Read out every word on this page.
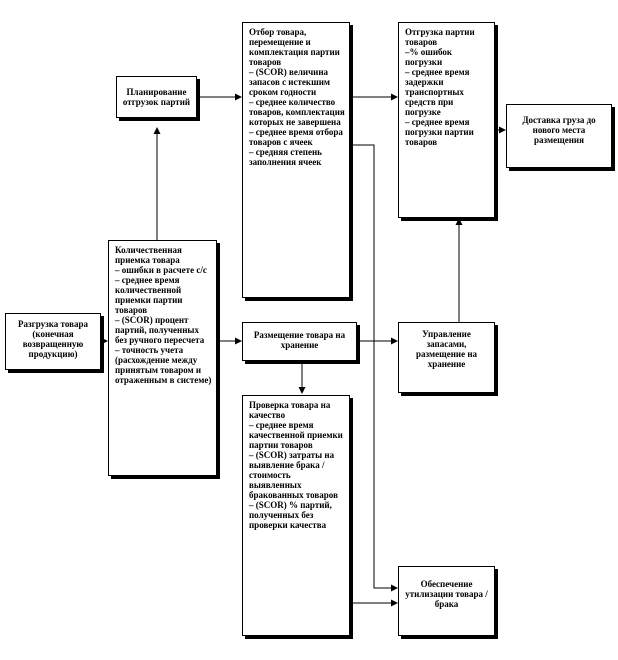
Разгрузка товара (конечная возвращенную продукцию)
Количественная приемка товара
– ошибки в расчете с/с
– среднее время количественной приемки партии товаров
– (SCOR) процент партий, полученных без ручного пересчета
– точность учета (расхождение между принятым товаром и отраженным в системе)
Планирование отгрузок партий
Отбор товара, перемещение и комплектация партии товаров
– (SCOR) величина запасов с истекшим сроком годности
– среднее количество товаров, комплектация которых не завершена
– среднее время отбора товаров с ячеек
– средняя степень заполнения ячеек
Размещение товара на хранение
Проверка товара на качество
– среднее время качественной приемки партии товаров
– (SCOR) затраты на выявление брака / стоимость выявленных бракованных товаров
– (SCOR) % партий, полученных без проверки качества
Отгрузка партии товаров
–% ошибок погрузки
– среднее время задержки транспортных средств при погрузке
– среднее время погрузки партии товаров
Доставка груза до нового места размещения
Управление запасами, размещение на хранение
Обеспечение утилизации товара / брака
